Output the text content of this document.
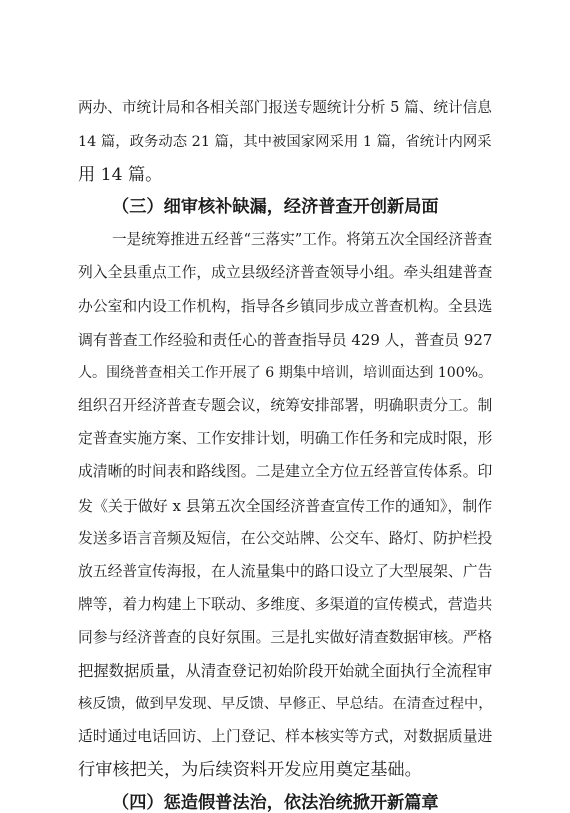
两办、市统计局和各相关部门报送专题统计分析 5 篇、统计信息

14 篇，政务动态 21 篇，其中被国家网采用 1 篇，省统计内网采

用 14 篇。

（三）细审核补缺漏，经济普查开创新局面

一是统筹推进五经普“三落实”工作。将第五次全国经济普查

列入全县重点工作，成立县级经济普查领导小组。牵头组建普查

办公室和内设工作机构，指导各乡镇同步成立普查机构。全县选

调有普查工作经验和责任心的普查指导员 429 人，普查员 927

人。围绕普查相关工作开展了 6 期集中培训，培训面达到 100%。

组织召开经济普查专题会议，统筹安排部署，明确职责分工。制

定普查实施方案、工作安排计划，明确工作任务和完成时限，形

成清晰的时间表和路线图。二是建立全方位五经普宣传体系。印

发《关于做好 x 县第五次全国经济普查宣传工作的通知》，制作

发送多语言音频及短信，在公交站牌、公交车、路灯、防护栏投

放五经普宣传海报，在人流量集中的路口设立了大型展架、广告

牌等，着力构建上下联动、多维度、多渠道的宣传模式，营造共

同参与经济普查的良好氛围。三是扎实做好清查数据审核。严格

把握数据质量，从清查登记初始阶段开始就全面执行全流程审

核反馈，做到早发现、早反馈、早修正、早总结。在清查过程中，

适时通过电话回访、上门登记、样本核实等方式，对数据质量进

行审核把关，为后续资料开发应用奠定基础。

（四）惩造假普法治，依法治统掀开新篇章
